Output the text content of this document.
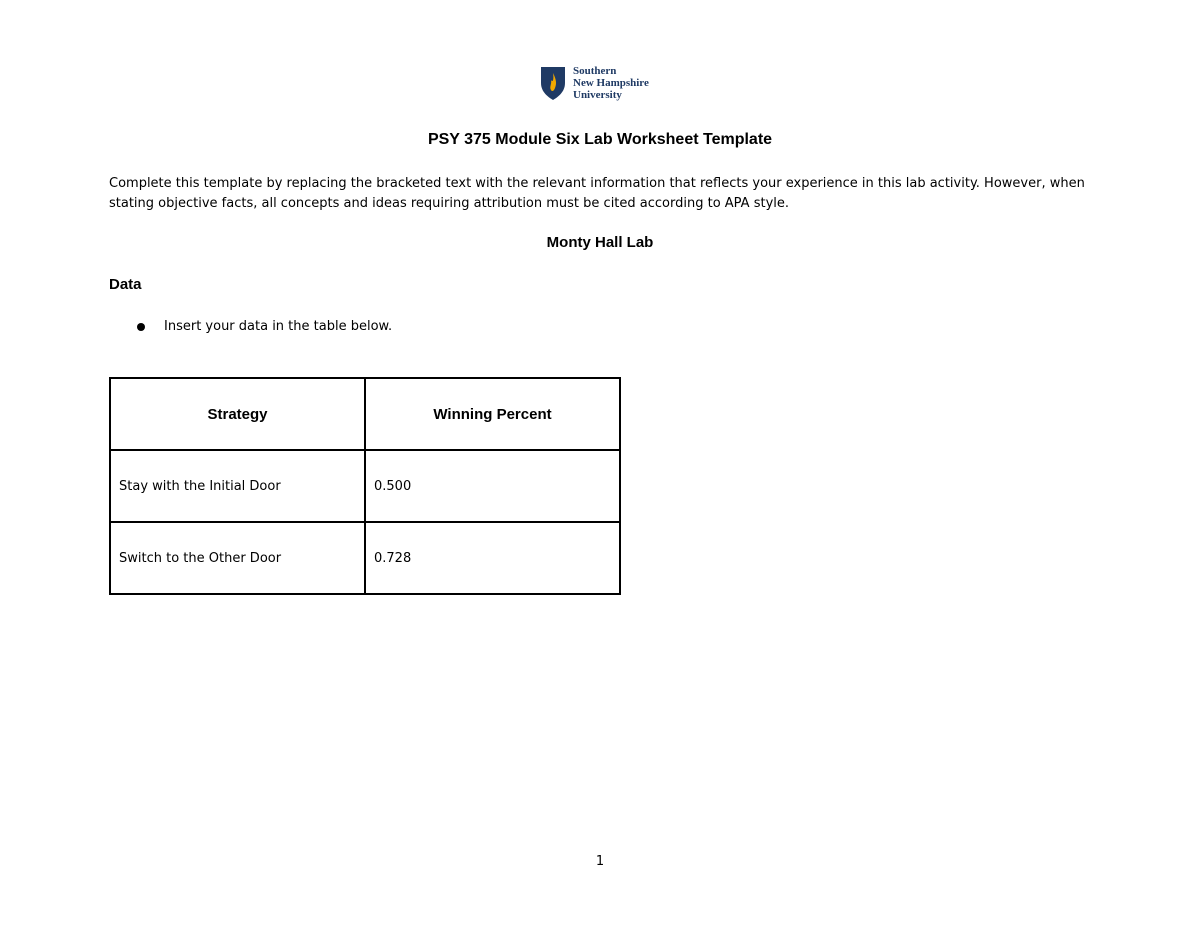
Southern
New Hampshire
University
PSY 375 Module Six Lab Worksheet Template
Complete this template by replacing the bracketed text with the relevant information that reflects your experience in this lab activity. However, when stating objective facts, all concepts and ideas requiring attribution must be cited according to APA style.
Monty Hall Lab
Data
Insert your data in the table below.
Strategy	Winning Percent
Stay with the Initial Door	0.500
Switch to the Other Door	0.728
1
